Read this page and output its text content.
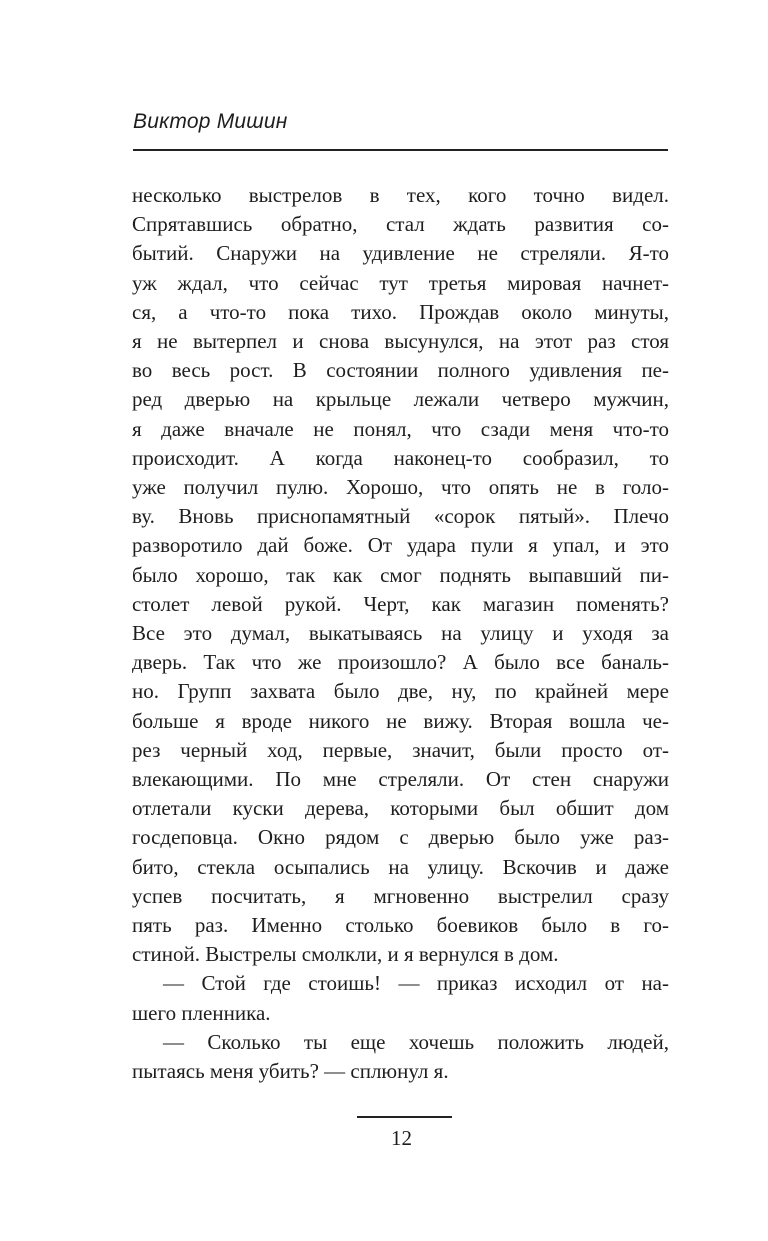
Виктор Мишин
несколько выстрелов в тех, кого точно видел.
Спрятавшись обратно, стал ждать развития со-
бытий. Снаружи на удивление не стреляли. Я-то
уж ждал, что сейчас тут третья мировая начнет-
ся, а что-то пока тихо. Прождав около минуты,
я не вытерпел и снова высунулся, на этот раз стоя
во весь рост. В состоянии полного удивления пе-
ред дверью на крыльце лежали четверо мужчин,
я даже вначале не понял, что сзади меня что-то
происходит. А когда наконец-то сообразил, то
уже получил пулю. Хорошо, что опять не в голо-
ву. Вновь приснопамятный «сорок пятый». Плечо
разворотило дай боже. От удара пули я упал, и это
было хорошо, так как смог поднять выпавший пи-
столет левой рукой. Черт, как магазин поменять?
Все это думал, выкатываясь на улицу и уходя за
дверь. Так что же произошло? А было все баналь-
но. Групп захвата было две, ну, по крайней мере
больше я вроде никого не вижу. Вторая вошла че-
рез черный ход, первые, значит, были просто от-
влекающими. По мне стреляли. От стен снаружи
отлетали куски дерева, которыми был обшит дом
госдеповца. Окно рядом с дверью было уже раз-
бито, стекла осыпались на улицу. Вскочив и даже
успев посчитать, я мгновенно выстрелил сразу
пять раз. Именно столько боевиков было в го-
стиной. Выстрелы смолкли, и я вернулся в дом.
— Стой где стоишь! — приказ исходил от на-
шего пленника.
— Сколько ты еще хочешь положить людей,
пытаясь меня убить? — сплюнул я.
12
